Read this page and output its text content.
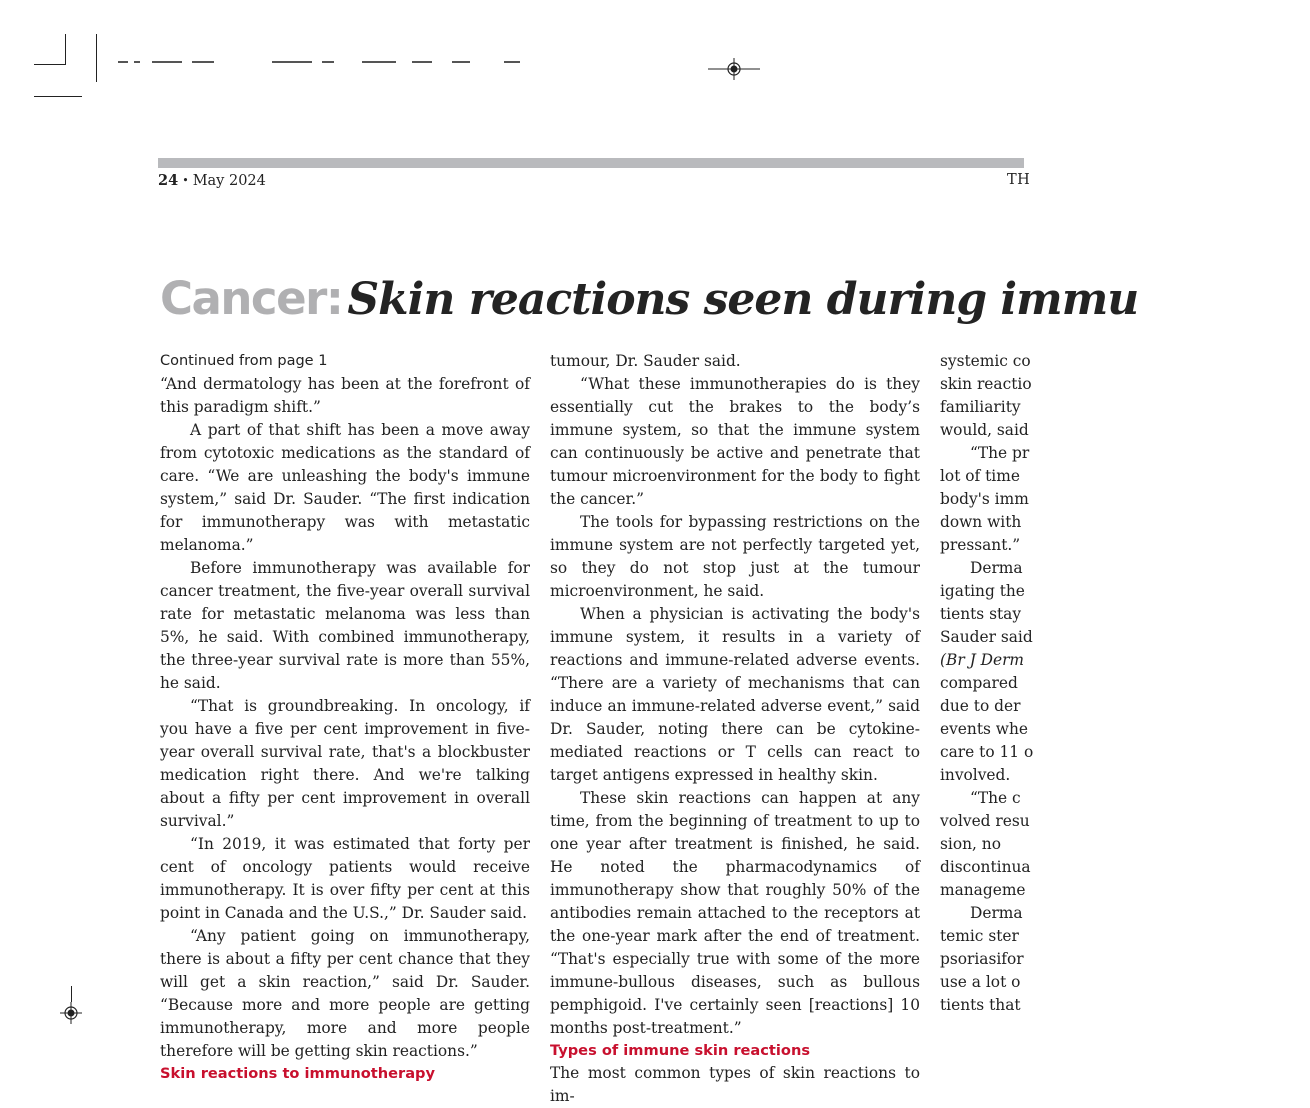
24 • May 2024	TH
Cancer: Skin reactions seen during immu

Continued from page 1

“And dermatology has been at the forefront of this paradigm shift.”

A part of that shift has been a move away from cytotoxic medications as the standard of care. “We are unleashing the body's immune system,” said Dr. Sauder. “The first indication for immunotherapy was with metastatic melanoma.”

Before immunotherapy was available for cancer treatment, the five-year overall survival rate for metastatic melanoma was less than 5%, he said. With combined immunotherapy, the three-year survival rate is more than 55%, he said.

“That is groundbreaking. In oncology, if you have a five per cent improvement in five-year overall survival rate, that's a blockbuster medication right there. And we're talking about a fifty per cent improvement in overall survival.”

“In 2019, it was estimated that forty per cent of oncology patients would receive immunotherapy. It is over fifty per cent at this point in Canada and the U.S.,” Dr. Sauder said.

“Any patient going on immunotherapy, there is about a fifty per cent chance that they will get a skin reaction,” said Dr. Sauder. “Because more and more people are getting immunotherapy, more and more people therefore will be getting skin reactions.”

Skin reactions to immunotherapy

tumour, Dr. Sauder said.

“What these immunotherapies do is they essentially cut the brakes to the body’s immune system, so that the immune system can continuously be active and penetrate that tumour microenvironment for the body to fight the cancer.”

The tools for bypassing restrictions on the immune system are not perfectly targeted yet, so they do not stop just at the tumour microenvironment, he said.

When a physician is activating the body's immune system, it results in a variety of reactions and immune-related adverse events. “There are a variety of mechanisms that can induce an immune-related adverse event,” said Dr. Sauder, noting there can be cytokine-mediated reactions or T cells can react to target antigens expressed in healthy skin.

These skin reactions can happen at any time, from the beginning of treatment to up to one year after treatment is finished, he said. He noted the pharmacodynamics of immunotherapy show that roughly 50% of the antibodies remain attached to the receptors at the one-year mark after the end of treatment. “That's especially true with some of the more immune-bullous diseases, such as bullous pemphigoid. I've certainly seen [reactions] 10 months post-treatment.”

Types of immune skin reactions

The most common types of skin reactions to im-

systemic co

skin reactio

familiarity

would, said

“The pr

lot of time

body's imm

down with

pressant.”

Derma

igating the

tients stay

Sauder said

(Br J Derm

compared

due to der

events whe

care to 11 o

involved.

“The c

volved resu

sion, no

discontinua

manageme

Derma

temic ster

psoriasifor

use a lot o

tients that
